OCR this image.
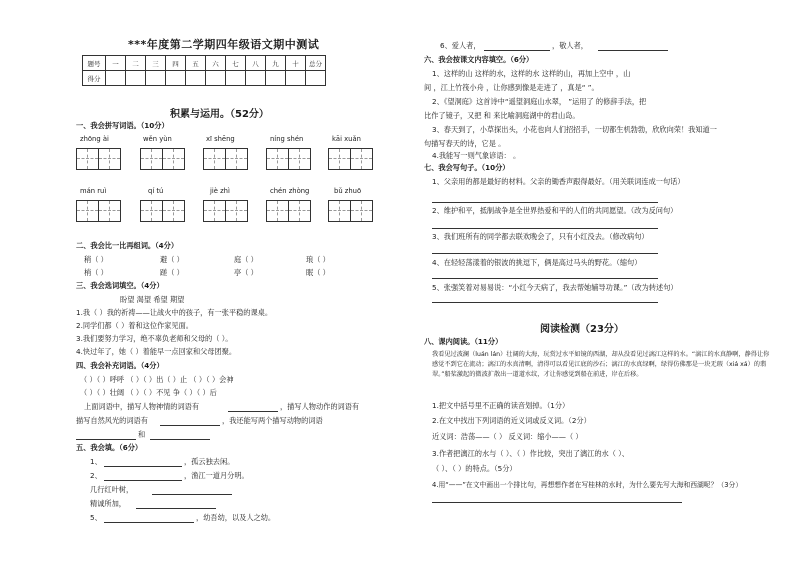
***年度第二学期四年级语文期中测试
题号	一	二	三	四	五	六	七	八	九	十	总分
得分											
积累与运用。（52分）
一、我会拼写词语。（10分）
zhōng ài	wěn yùn	xī shēng	níng shén	kāi xuǎn
mán ruì	qí tú	jiè zhì	chén zhòng	bǔ zhuō
二、我会比一比再组词。（4分）
稍（ ）	避（ ）	庭（ ）	琅（ ）
梢（ ）	蹉（ ）	亭（ ）	眠（ ）
三、我会选词填空。（4分）
盼望 渴望 希望 期望
1.我（ ）我的祈祷——让战火中的孩子，有一张平稳的课桌。
2.同学们都（ ）着和这位作家见面。
3.我们要努力学习，绝不辜负老师和父母的（ ）。
4.快过年了，她（ ）着能早一点回家和父母团聚。
四、我会补充词语。（4分）
（ ）（ ）呼呼 （ ）（ ）出（ ）止 （ ）（ ）会神
（ ）（ ）壮阔 （ ）（ ）不见 争（ ）（ ）后
上面词语中，描写人物神情的词语有	，描写人物动作的词语有
描写自然风光的词语有	，我还能写两个描写动物的词语
和
五、我会填。（6分）
1、	，孤云独去闲。
2、	，渔江一道月分明。
几行红叶树，
精诚所加，
5、	，幼吾幼，以及人之幼。
6、爱人者，	，敬人者，
六、我会按课文内容填空。（6分）
1、这样的山 这样的水，这样的水 这样的山，再加上空中 ，山
间 ，江上竹筏小舟 ，让你感到像是走进了 ，真是“ ”。
2、《望洞庭》这首诗中“遥望洞庭山水翠， ”运用了 的修辞手法，把
比作了镜子，又把 和 来比喻洞庭湖中的君山岛。
3、春天到了，小草探出头，小花也向人们招招手，一切都生机勃勃，欣欣向荣！我知道一
句描写春天的诗，它是 。
4.我能写一则气象谚语： 。
七、我会写句子。（10分）
1、父亲用的都是最好的材料。父亲的锄香声跟得最好。（用关联词连成一句话）
2、维护和平，抵制战争是全世界热爱和平的人们的共同愿望。（改为反问句）
3、我们班所有的同学都去联欢晚会了，只有小红没去。（修改病句）
4、在轻轻荡漾着的银波的挑逗下，俩是高过马头的野花。（缩句）
5、张强笑着对易易说：“小红今天病了，我去帮她辅导功课。”（改为转述句）
阅读检测（23分）
八、课内阅读。（11分）
我看见过波澜（luán lán）壮阔的大海，玩赏过水平如镜的西湖，却从没看见过漓江这样的水。“漓江的水真静啊，静得让你感觉不到它在流动；漓江的水真清啊，清得可以看见江底的沙石；漓江的水真绿啊，绿得仿佛那是一块无瑕（xiá xá）的翡翠。”船桨激起的微波扩散出一道道水纹，才让你感觉到船在前进，岸在后移。
1.把文中括号里不正确的读音划掉。（1分）
2.在文中找出下列词语的近义词或反义词。（2分）
近义词：浩荡——（ ） 反义词：缩小——（ ）
3.作者把漓江的水与（ ）、（ ）作比较，突出了漓江的水（ ）、
（ ）、（ ）的特点。（5分）
4.用“——”在文中画出一个排比句，再想想作者在写桂林的水时，为什么要先写大海和西湖呢？（3分）
